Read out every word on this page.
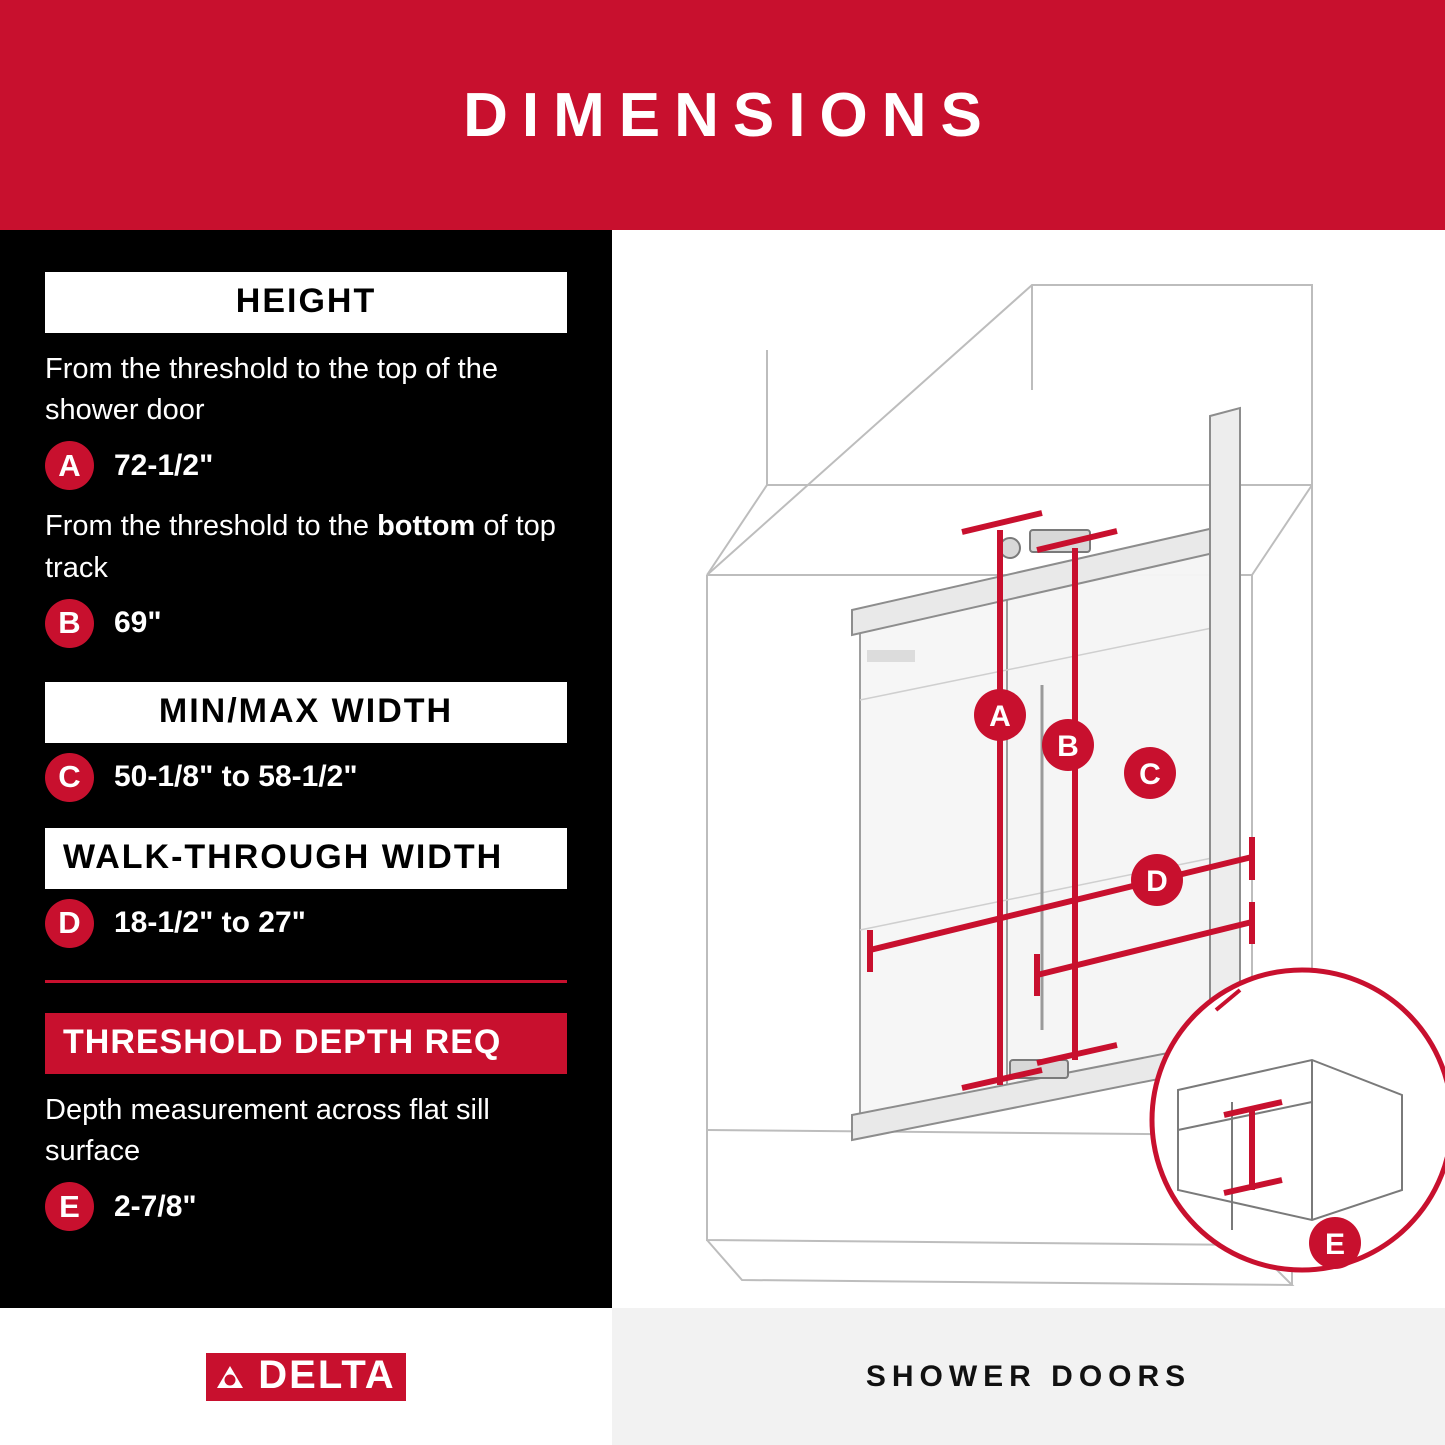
DIMENSIONS
HEIGHT
From the threshold to the top of the shower door
A	72-1/2"
From the threshold to the bottom of top track
B	69"
MIN/MAX WIDTH
C	50-1/8" to 58-1/2"
WALK-THROUGH WIDTH
D	18-1/2" to 27"
THRESHOLD DEPTH REQ
Depth measurement across flat sill surface
E	2-7/8"
A
B
C
D
E
DELTA	SHOWER DOORS
